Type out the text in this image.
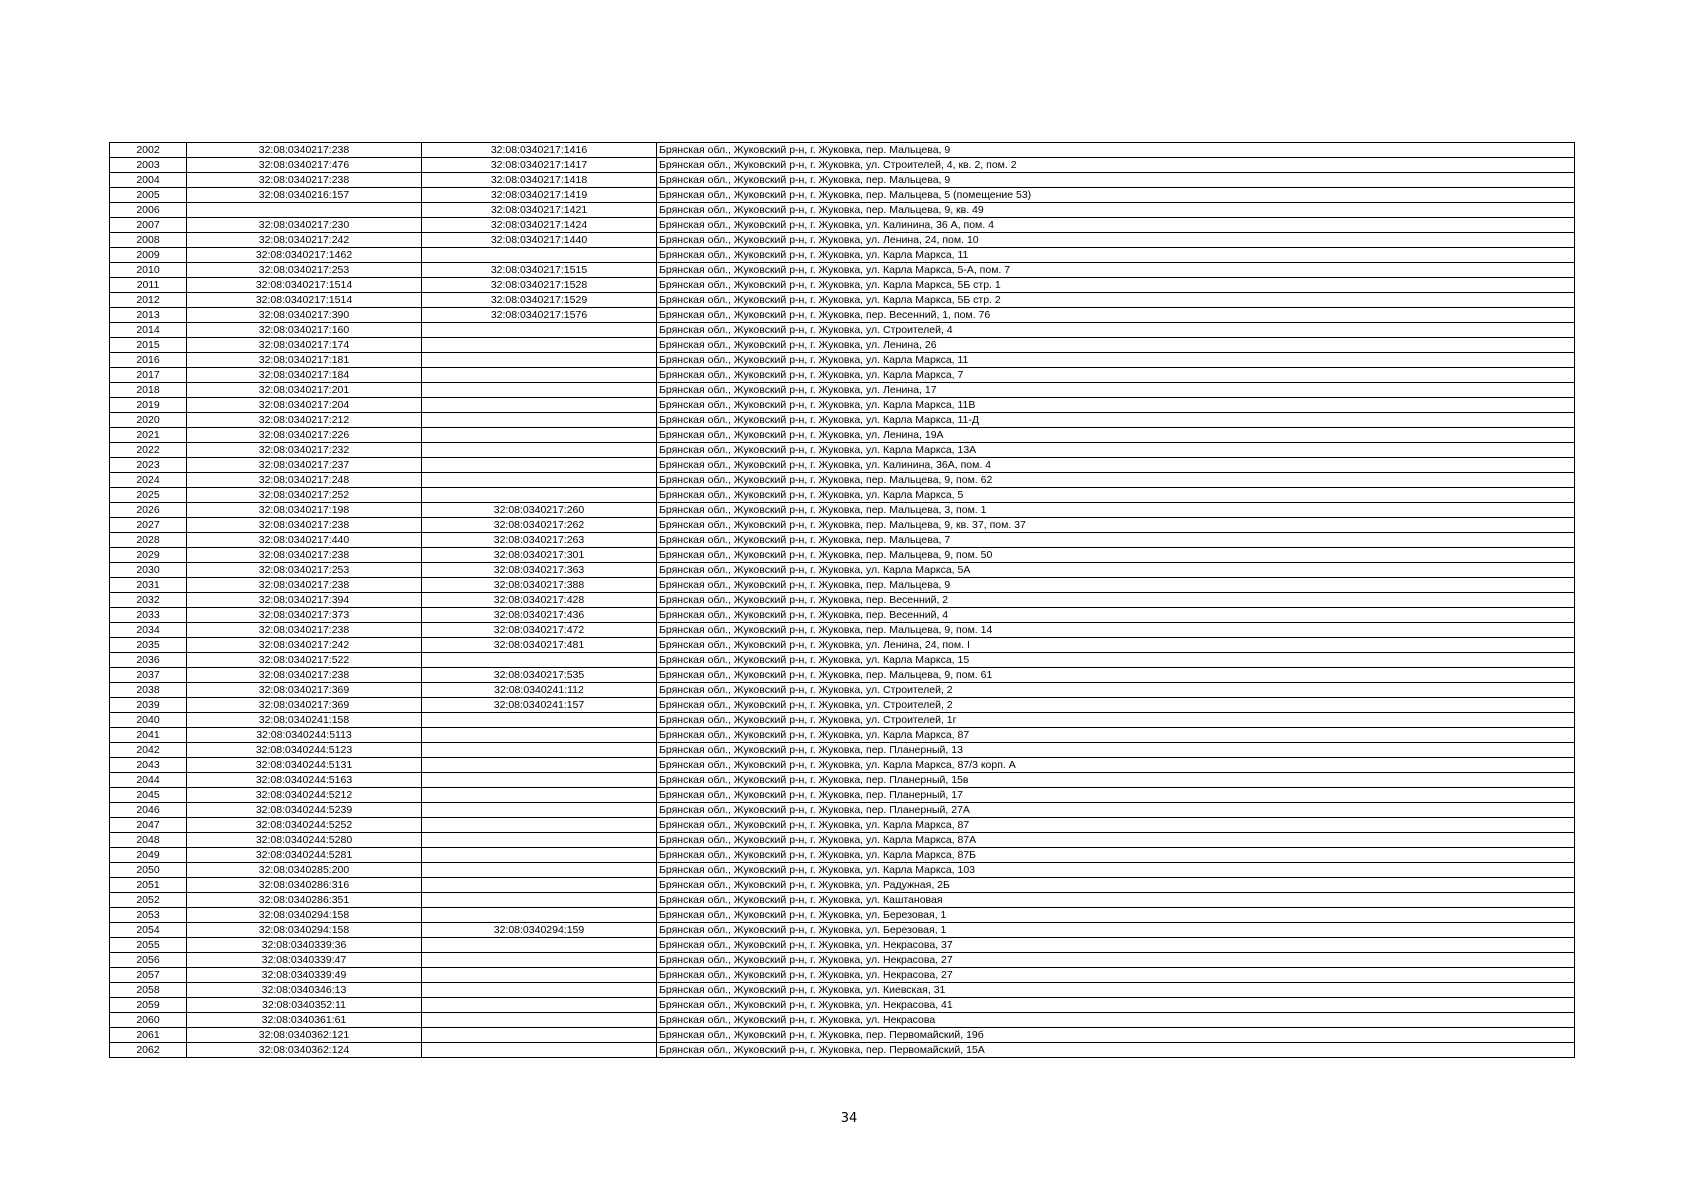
2002	32:08:0340217:238	32:08:0340217:1416	Брянская обл., Жуковский р-н, г. Жуковка, пер. Мальцева, 9
2003	32:08:0340217:476	32:08:0340217:1417	Брянская обл., Жуковский р-н, г. Жуковка, ул. Строителей, 4, кв. 2, пом. 2
2004	32:08:0340217:238	32:08:0340217:1418	Брянская обл., Жуковский р-н, г. Жуковка, пер. Мальцева, 9
2005	32:08:0340216:157	32:08:0340217:1419	Брянская обл., Жуковский р-н, г. Жуковка, пер. Мальцева, 5 (помещение 53)
2006		32:08:0340217:1421	Брянская обл., Жуковский р-н, г. Жуковка, пер. Мальцева, 9, кв. 49
2007	32:08:0340217:230	32:08:0340217:1424	Брянская обл., Жуковский р-н, г. Жуковка, ул. Калинина, 36 А, пом. 4
2008	32:08:0340217:242	32:08:0340217:1440	Брянская обл., Жуковский р-н, г. Жуковка, ул. Ленина, 24, пом. 10
2009	32:08:0340217:1462		Брянская обл., Жуковский р-н, г. Жуковка, ул. Карла Маркса, 11
2010	32:08:0340217:253	32:08:0340217:1515	Брянская обл., Жуковский р-н, г. Жуковка, ул. Карла Маркса, 5-А, пом. 7
2011	32:08:0340217:1514	32:08:0340217:1528	Брянская обл., Жуковский р-н, г. Жуковка, ул. Карла Маркса, 5Б стр. 1
2012	32:08:0340217:1514	32:08:0340217:1529	Брянская обл., Жуковский р-н, г. Жуковка, ул. Карла Маркса, 5Б стр. 2
2013	32:08:0340217:390	32:08:0340217:1576	Брянская обл., Жуковский р-н, г. Жуковка, пер. Весенний, 1, пом. 76
2014	32:08:0340217:160		Брянская обл., Жуковский р-н, г. Жуковка, ул. Строителей, 4
2015	32:08:0340217:174		Брянская обл., Жуковский р-н, г. Жуковка, ул. Ленина, 26
2016	32:08:0340217:181		Брянская обл., Жуковский р-н, г. Жуковка, ул. Карла Маркса, 11
2017	32:08:0340217:184		Брянская обл., Жуковский р-н, г. Жуковка, ул. Карла Маркса, 7
2018	32:08:0340217:201		Брянская обл., Жуковский р-н, г. Жуковка, ул. Ленина, 17
2019	32:08:0340217:204		Брянская обл., Жуковский р-н, г. Жуковка, ул. Карла Маркса, 11В
2020	32:08:0340217:212		Брянская обл., Жуковский р-н, г. Жуковка, ул. Карла Маркса, 11-Д
2021	32:08:0340217:226		Брянская обл., Жуковский р-н, г. Жуковка, ул. Ленина, 19А
2022	32:08:0340217:232		Брянская обл., Жуковский р-н, г. Жуковка, ул. Карла Маркса, 13А
2023	32:08:0340217:237		Брянская обл., Жуковский р-н, г. Жуковка, ул. Калинина, 36А, пом. 4
2024	32:08:0340217:248		Брянская обл., Жуковский р-н, г. Жуковка, пер. Мальцева, 9, пом. 62
2025	32:08:0340217:252		Брянская обл., Жуковский р-н, г. Жуковка, ул. Карла Маркса, 5
2026	32:08:0340217:198	32:08:0340217:260	Брянская обл., Жуковский р-н, г. Жуковка, пер. Мальцева, 3, пом. 1
2027	32:08:0340217:238	32:08:0340217:262	Брянская обл., Жуковский р-н, г. Жуковка, пер. Мальцева, 9, кв. 37, пом. 37
2028	32:08:0340217:440	32:08:0340217:263	Брянская обл., Жуковский р-н, г. Жуковка, пер. Мальцева, 7
2029	32:08:0340217:238	32:08:0340217:301	Брянская обл., Жуковский р-н, г. Жуковка, пер. Мальцева, 9, пом. 50
2030	32:08:0340217:253	32:08:0340217:363	Брянская обл., Жуковский р-н, г. Жуковка, ул. Карла Маркса, 5А
2031	32:08:0340217:238	32:08:0340217:388	Брянская обл., Жуковский р-н, г. Жуковка, пер. Мальцева, 9
2032	32:08:0340217:394	32:08:0340217:428	Брянская обл., Жуковский р-н, г. Жуковка, пер. Весенний, 2
2033	32:08:0340217:373	32:08:0340217:436	Брянская обл., Жуковский р-н, г. Жуковка, пер. Весенний, 4
2034	32:08:0340217:238	32:08:0340217:472	Брянская обл., Жуковский р-н, г. Жуковка, пер. Мальцева, 9, пом. 14
2035	32:08:0340217:242	32:08:0340217:481	Брянская обл., Жуковский р-н, г. Жуковка, ул. Ленина, 24, пом. I
2036	32:08:0340217:522		Брянская обл., Жуковский р-н, г. Жуковка, ул. Карла Маркса, 15
2037	32:08:0340217:238	32:08:0340217:535	Брянская обл., Жуковский р-н, г. Жуковка, пер. Мальцева, 9, пом. 61
2038	32:08:0340217:369	32:08:0340241:112	Брянская обл., Жуковский р-н, г. Жуковка, ул. Строителей, 2
2039	32:08:0340217:369	32:08:0340241:157	Брянская обл., Жуковский р-н, г. Жуковка, ул. Строителей, 2
2040	32:08:0340241:158		Брянская обл., Жуковский р-н, г. Жуковка, ул. Строителей, 1г
2041	32:08:0340244:5113		Брянская обл., Жуковский р-н, г. Жуковка, ул. Карла Маркса, 87
2042	32:08:0340244:5123		Брянская обл., Жуковский р-н, г. Жуковка, пер. Планерный, 13
2043	32:08:0340244:5131		Брянская обл., Жуковский р-н, г. Жуковка, ул. Карла Маркса, 87/3 корп. А
2044	32:08:0340244:5163		Брянская обл., Жуковский р-н, г. Жуковка, пер. Планерный, 15в
2045	32:08:0340244:5212		Брянская обл., Жуковский р-н, г. Жуковка, пер. Планерный, 17
2046	32:08:0340244:5239		Брянская обл., Жуковский р-н, г. Жуковка, пер. Планерный, 27А
2047	32:08:0340244:5252		Брянская обл., Жуковский р-н, г. Жуковка, ул. Карла Маркса, 87
2048	32:08:0340244:5280		Брянская обл., Жуковский р-н, г. Жуковка, ул. Карла Маркса, 87А
2049	32:08:0340244:5281		Брянская обл., Жуковский р-н, г. Жуковка, ул. Карла Маркса, 87Б
2050	32:08:0340285:200		Брянская обл., Жуковский р-н, г. Жуковка, ул. Карла Маркса, 103
2051	32:08:0340286:316		Брянская обл., Жуковский р-н, г. Жуковка, ул. Радужная, 2Б
2052	32:08:0340286:351		Брянская обл., Жуковский р-н, г. Жуковка, ул. Каштановая
2053	32:08:0340294:158		Брянская обл., Жуковский р-н, г. Жуковка, ул. Березовая, 1
2054	32:08:0340294:158	32:08:0340294:159	Брянская обл., Жуковский р-н, г. Жуковка, ул. Березовая, 1
2055	32:08:0340339:36		Брянская обл., Жуковский р-н, г. Жуковка, ул. Некрасова, 37
2056	32:08:0340339:47		Брянская обл., Жуковский р-н, г. Жуковка, ул. Некрасова, 27
2057	32:08:0340339:49		Брянская обл., Жуковский р-н, г. Жуковка, ул. Некрасова, 27
2058	32:08:0340346:13		Брянская обл., Жуковский р-н, г. Жуковка, ул. Киевская, 31
2059	32:08:0340352:11		Брянская обл., Жуковский р-н, г. Жуковка, ул. Некрасова, 41
2060	32:08:0340361:61		Брянская обл., Жуковский р-н, г. Жуковка, ул. Некрасова
2061	32:08:0340362:121		Брянская обл., Жуковский р-н, г. Жуковка, пер. Первомайский, 19б
2062	32:08:0340362:124		Брянская обл., Жуковский р-н, г. Жуковка, пер. Первомайский, 15А
34
